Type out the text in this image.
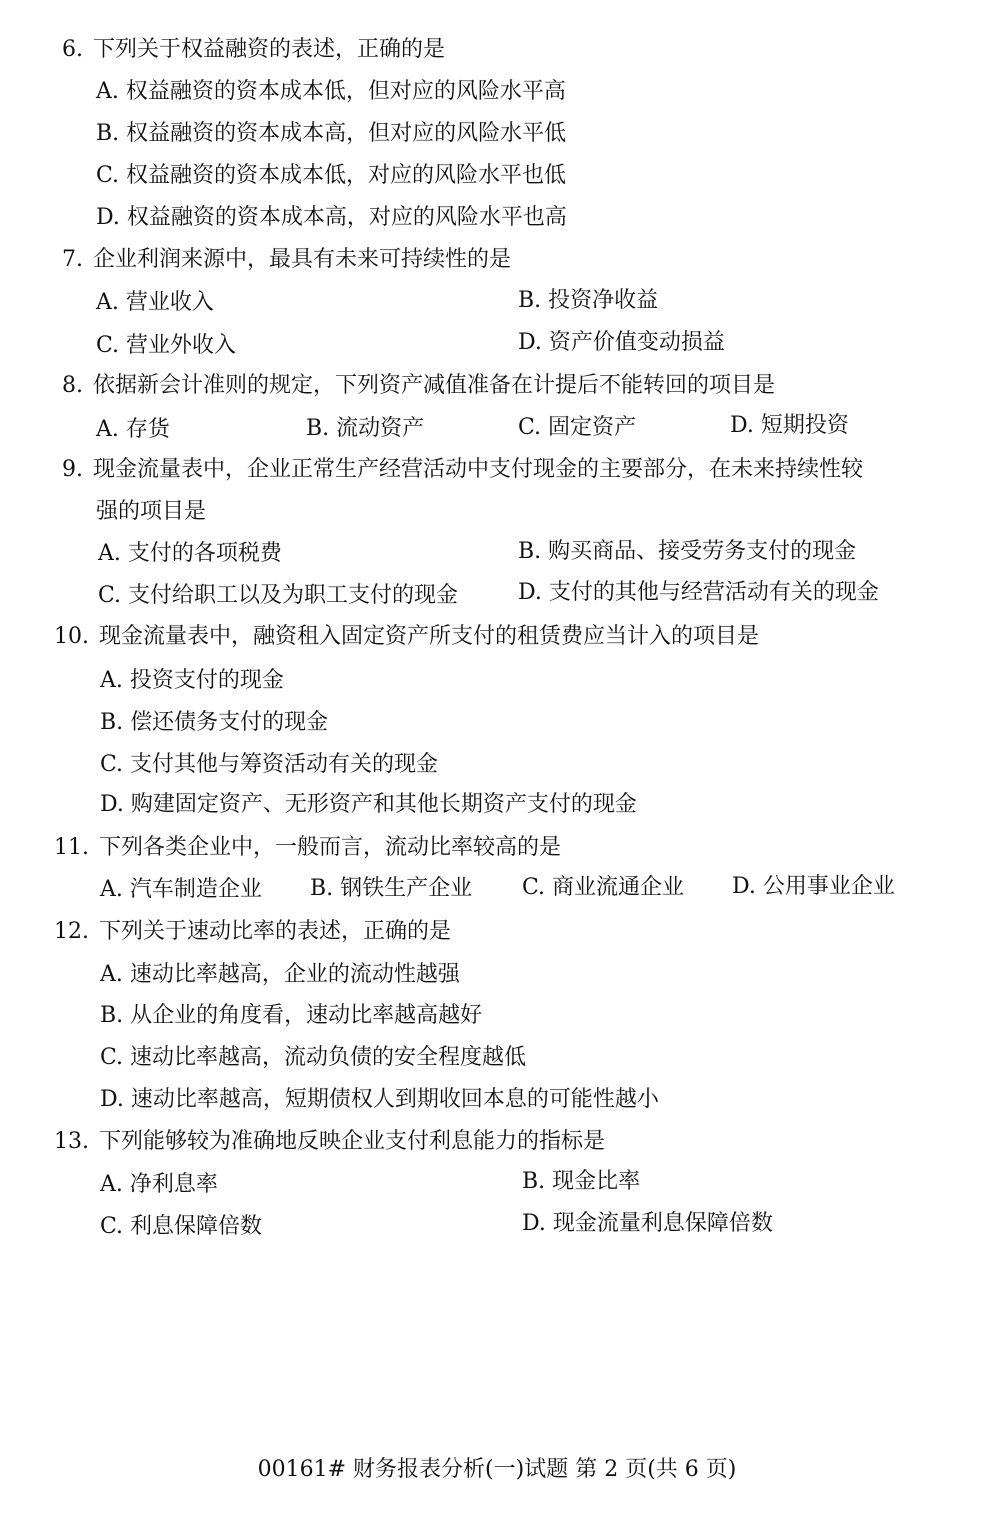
6. 下列关于权益融资的表述，正确的是
A. 权益融资的资本成本低，但对应的风险水平高
B. 权益融资的资本成本高，但对应的风险水平低
C. 权益融资的资本成本低，对应的风险水平也低
D. 权益融资的资本成本高，对应的风险水平也高
7. 企业利润来源中，最具有未来可持续性的是
A. 营业收入	B. 投资净收益
C. 营业外收入	D. 资产价值变动损益
8. 依据新会计准则的规定，下列资产减值准备在计提后不能转回的项目是
A. 存货	B. 流动资产	C. 固定资产	D. 短期投资
9. 现金流量表中，企业正常生产经营活动中支付现金的主要部分，在未来持续性较
强的项目是
A. 支付的各项税费	B. 购买商品、接受劳务支付的现金
C. 支付给职工以及为职工支付的现金	D. 支付的其他与经营活动有关的现金
10. 现金流量表中，融资租入固定资产所支付的租赁费应当计入的项目是
A. 投资支付的现金
B. 偿还债务支付的现金
C. 支付其他与筹资活动有关的现金
D. 购建固定资产、无形资产和其他长期资产支付的现金
11. 下列各类企业中，一般而言，流动比率较高的是
A. 汽车制造企业 B. 钢铁生产企业 C. 商业流通企业 D. 公用事业企业
12. 下列关于速动比率的表述，正确的是
A. 速动比率越高，企业的流动性越强
B. 从企业的角度看，速动比率越高越好
C. 速动比率越高，流动负债的安全程度越低
D. 速动比率越高，短期债权人到期收回本息的可能性越小
13. 下列能够较为准确地反映企业支付利息能力的指标是
A. 净利息率	B. 现金比率
C. 利息保障倍数	D. 现金流量利息保障倍数
00161# 财务报表分析(一)试题 第 2 页(共 6 页)
